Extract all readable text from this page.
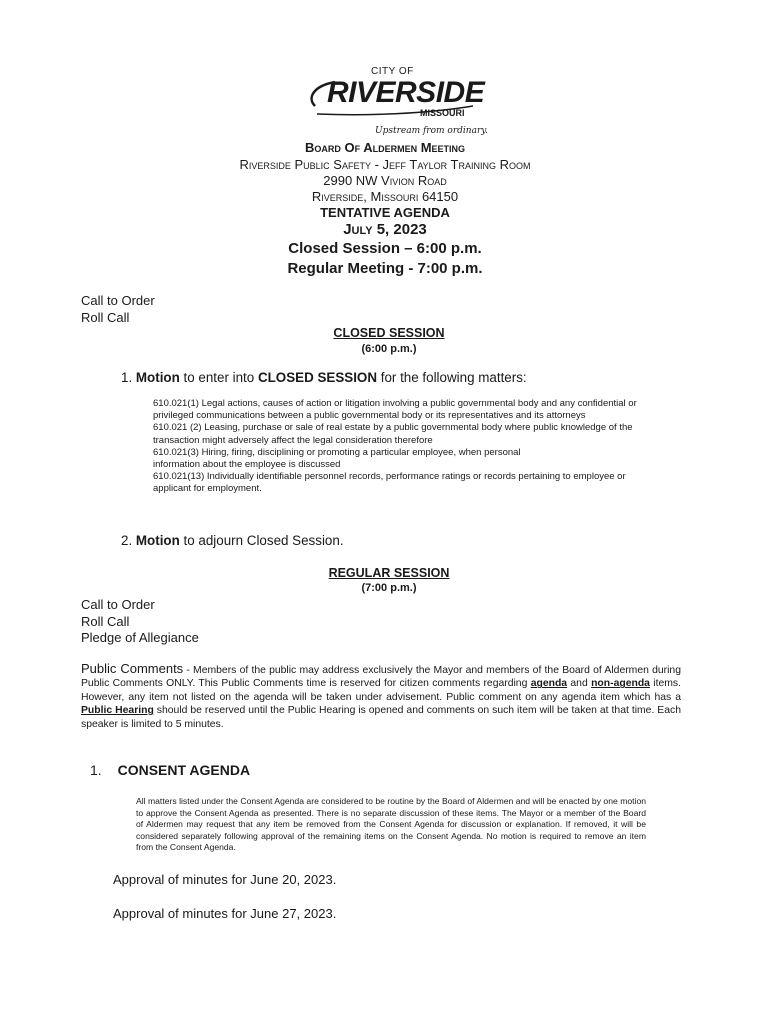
CITY OF
RIVERSIDE
MISSOURI
Upstream from ordinary.
Board Of Aldermen Meeting
Riverside Public Safety - Jeff Taylor Training Room
2990 NW Vivion Road
Riverside, Missouri 64150
TENTATIVE AGENDA
July 5, 2023
Closed Session – 6:00 p.m.
Regular Meeting - 7:00 p.m.
Call to Order
Roll Call
CLOSED SESSION
(6:00 p.m.)
1. Motion to enter into CLOSED SESSION for the following matters:
610.021(1) Legal actions, causes of action or litigation involving a public governmental body and any confidential or privileged communications between a public governmental body or its representatives and its attorneys
610.021 (2) Leasing, purchase or sale of real estate by a public governmental body where public knowledge of the transaction might adversely affect the legal consideration therefore
610.021(3) Hiring, firing, disciplining or promoting a particular employee, when personal information about the employee is discussed
610.021(13) Individually identifiable personnel records, performance ratings or records pertaining to employee or applicant for employment.
2. Motion to adjourn Closed Session.
REGULAR SESSION
(7:00 p.m.)
Call to Order
Roll Call
Pledge of Allegiance
Public Comments - Members of the public may address exclusively the Mayor and members of the Board of Aldermen during Public Comments ONLY. This Public Comments time is reserved for citizen comments regarding agenda and non-agenda items. However, any item not listed on the agenda will be taken under advisement. Public comment on any agenda item which has a Public Hearing should be reserved until the Public Hearing is opened and comments on such item will be taken at that time. Each speaker is limited to 5 minutes.
1. CONSENT AGENDA
All matters listed under the Consent Agenda are considered to be routine by the Board of Aldermen and will be enacted by one motion to approve the Consent Agenda as presented. There is no separate discussion of these items. The Mayor or a member of the Board of Aldermen may request that any item be removed from the Consent Agenda for discussion or explanation. If removed, it will be considered separately following approval of the remaining items on the Consent Agenda. No motion is required to remove an item from the Consent Agenda.
Approval of minutes for June 20, 2023.
Approval of minutes for June 27, 2023.
